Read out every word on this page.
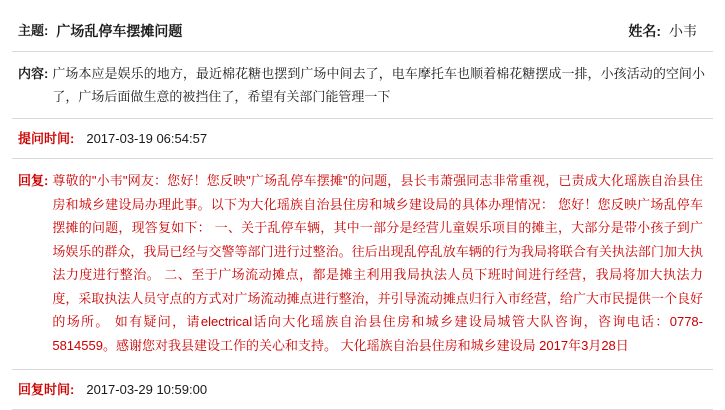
主题: 广场乱停车摆摊问题	姓名: 小韦
内容: 广场本应是娱乐的地方，最近棉花糖也摆到广场中间去了，电车摩托车也顺着棉花糖摆成一排，小孩活动的空间小了，广场后面做生意的被挡住了，希望有关部门能管理一下
提问时间: 2017-03-19 06:54:57
回复: 尊敬的"小韦"网友：您好！您反映"广场乱停车摆摊"的问题，县长韦萧强同志非常重视，已责成大化瑶族自治县住房和城乡建设局办理此事。以下为大化瑶族自治县住房和城乡建设局的具体办理情况： 您好！您反映广场乱停车摆摊的问题，现答复如下： 一、关于乱停车辆，其中一部分是经营儿童娱乐项目的摊主，大部分是带小孩子到广场娱乐的群众，我局已经与交警等部门进行过整治。往后出现乱停乱放车辆的行为我局将联合有关执法部门加大执法力度进行整治。 二、至于广场流动摊点，都是摊主利用我局执法人员下班时间进行经营，我局将加大执法力度，采取执法人员守点的方式对广场流动摊点进行整治，并引导流动摊点归行入市经营，给广大市民提供一个良好的场所。 如有疑问，请electrical话向大化瑶族自治县住房和城乡建设局城管大队咨询，咨询电话：0778-5814559。感谢您对我县建设工作的关心和支持。 大化瑶族自治县住房和城乡建设局 2017年3月28日
回复时间: 2017-03-29 10:59:00
